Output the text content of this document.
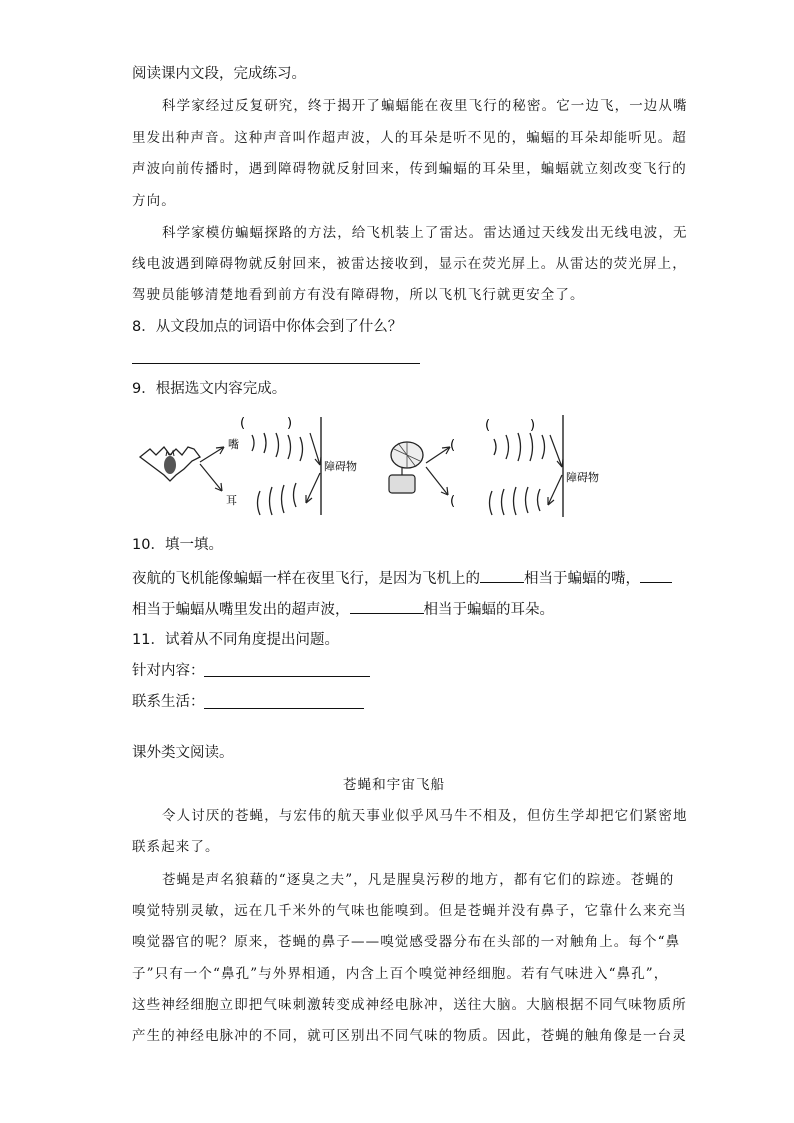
阅读课内文段，完成练习。
科学家经过反复研究，终于揭开了蝙蝠能在夜里飞行的秘密。它一边飞，一边从嘴
里发出种声音。这种声音叫作超声波，人的耳朵是听不见的，蝙蝠的耳朵却能听见。超
声波向前传播时，遇到障碍物就反射回来，传到蝙蝠的耳朵里，蝙蝠就立刻改变飞行的
方向。
科学家模仿蝙蝠探路的方法，给飞机装上了雷达。雷达通过天线发出无线电波，无
线电波遇到障碍物就反射回来，被雷达接收到，显示在荧光屏上。从雷达的荧光屏上，
驾驶员能够清楚地看到前方有没有障碍物，所以飞机飞行就更安全了。
8．从文段加点的词语中你体会到了什么？
9．根据选文内容完成。
嘴
耳
(	)
障碍物
(
(	)
(
障碍物
10．填一填。
夜航的飞机能像蝙蝠一样在夜里飞行，是因为飞机上的	相当于蝙蝠的嘴，
相当于蝙蝠从嘴里发出的超声波，	相当于蝙蝠的耳朵。
11．试着从不同角度提出问题。
针对内容：
联系生活：
课外类文阅读。
苍蝇和宇宙飞船
令人讨厌的苍蝇，与宏伟的航天事业似乎风马牛不相及，但仿生学却把它们紧密地
联系起来了。
苍蝇是声名狼藉的“逐臭之夫”，凡是腥臭污秽的地方，都有它们的踪迹。苍蝇的
嗅觉特别灵敏，远在几千米外的气味也能嗅到。但是苍蝇并没有鼻子，它靠什么来充当
嗅觉器官的呢？原来，苍蝇的鼻子——嗅觉感受器分布在头部的一对触角上。每个“鼻
子”只有一个“鼻孔”与外界相通，内含上百个嗅觉神经细胞。若有气味进入“鼻孔”，
这些神经细胞立即把气味刺激转变成神经电脉冲，送往大脑。大脑根据不同气味物质所
产生的神经电脉冲的不同，就可区别出不同气味的物质。因此，苍蝇的触角像是一台灵
